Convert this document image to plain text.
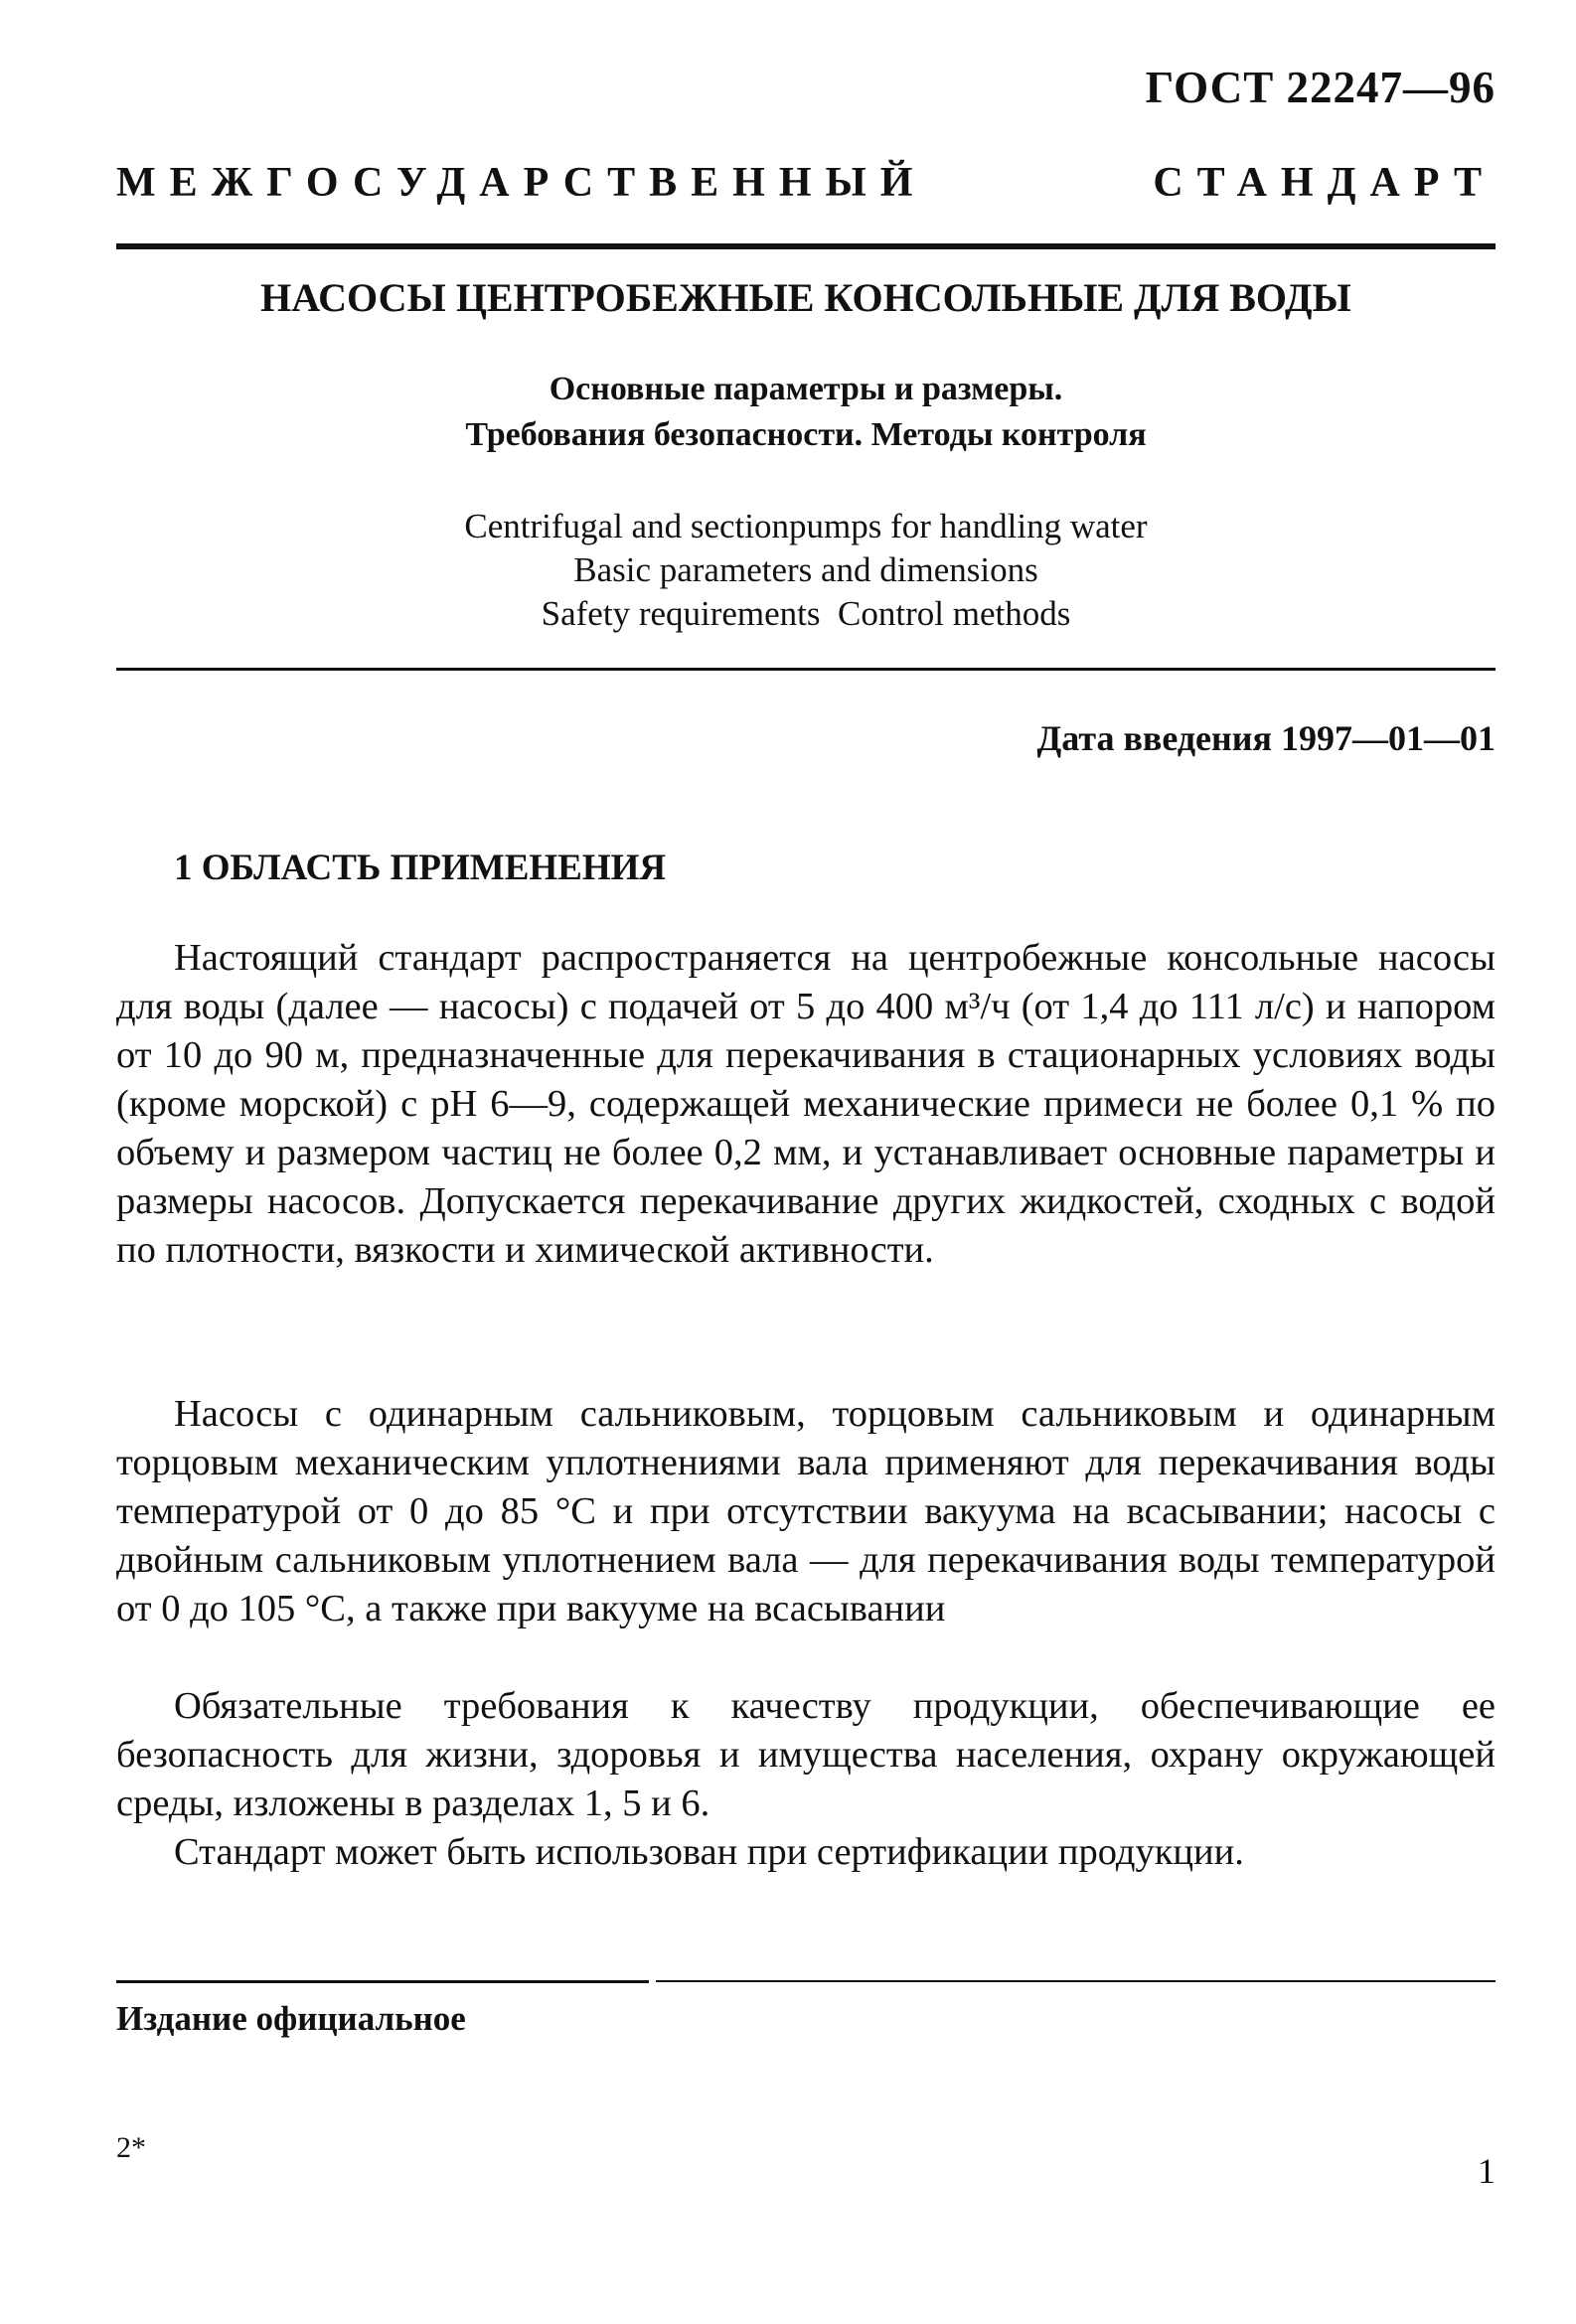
ГОСТ 22247—96
МЕЖГОСУДАРСТВЕННЫЙ	СТАНДАРТ
НАСОСЫ ЦЕНТРОБЕЖНЫЕ КОНСОЛЬНЫЕ ДЛЯ ВОДЫ
Основные параметры и размеры.
Требования безопасности. Методы контроля
Centrifugal and sectionpumps for handling water
Basic parameters and dimensions
Safety requirements  Control methods
Дата введения 1997—01—01
1 ОБЛАСТЬ ПРИМЕНЕНИЯ
Настоящий стандарт распространяется на центробежные консольные насосы для воды (далее — насосы) с подачей от 5 до 400 м³/ч (от 1,4 до 111 л/с) и напором от 10 до 90 м, предназначенные для перекачивания в стационарных условиях воды (кроме морской) с pH 6—9, содержащей механические примеси не более 0,1 % по объему и размером частиц не более 0,2 мм, и устанавливает основные параметры и размеры насосов. Допускается перекачивание других жидкостей, сходных с водой по плотности, вязкости и химической активности.
Насосы с одинарным сальниковым, торцовым сальниковым и одинарным торцовым механическим уплотнениями вала применяют для перекачивания воды температурой от 0 до 85 °С и при отсутствии вакуума на всасывании; насосы с двойным сальниковым уплотнением вала — для перекачивания воды температурой от 0 до 105 °С, а также при вакууме на всасывании
Обязательные требования к качеству продукции, обеспечивающие ее безопасность для жизни, здоровья и имущества населения, охрану окружающей среды, изложены в разделах 1, 5 и 6.
Стандарт может быть использован при сертификации продукции.
Издание официальное
2*
1
